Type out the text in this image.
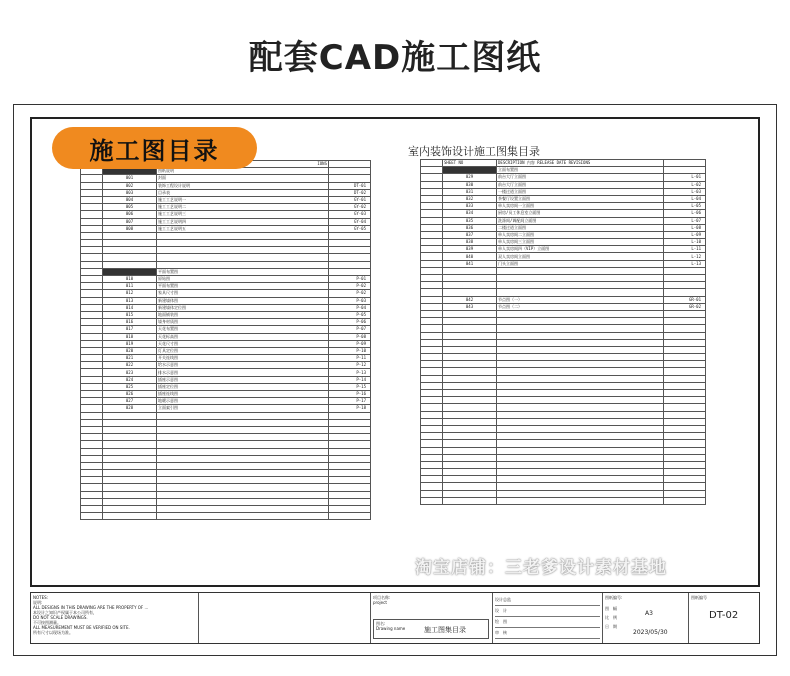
配套CAD施工图纸
室内装饰设计施工图集目录
		IONS	
		图纸说明	
	001	封面	
	002	装饰工程设计说明	DT-01
	003	目录表	DT-02
	004	施工工艺说明一	GY-01
	005	施工工艺说明二	GY-02
	006	施工工艺说明三	GY-03
	007	施工工艺说明四	GY-04
	008	施工工艺说明五	GY-05

		平面布置图	
	010	原始图	P-01
	011	平面布置图	P-02
	012	家具尺寸图	P-02
	013	新建墙体图	P-03
	014	新建墙体定位图	P-04
	015	地面铺装图	P-05
	016	墙身材质图	P-06
	017	天花布置图	P-07
	018	天花标高图	P-08
	019	天花尺寸图	P-09
	020	灯具定位图	P-10
	021	开关连线图	P-11
	022	给水示意图	P-12
	023	排水示意图	P-13
	024	插座示意图	P-14
	025	插座定位图	P-15
	026	插座连线图	P-16
	027	地暖示意图	P-17
	028	立面索引图	P-18

	SHEET NO	DESCRIPTION 内容 RELEASE DATE REVISIONS	
		立面布置图	
	029	前台大厅立面图	L-01
	030	前台大厅立面图	L-02
	031	一楼过道立面图	L-03
	032	茶餐厅设置立面图	L-04
	033	单人卖房间一立面图	L-05
	034	厨房/员工休息室立面图	L-06
	035	洗涤间/调配间立面图	L-07
	036	二楼过道立面图	L-08
	037	单人卖房间二立面图	L-09
	038	单人卖房间三立面图	L-10
	039	单人卖房间四（VIP）立面图	L-11
	040	双人卖房间立面图	L-12
	041	门头立面图	L-13

	042	节点图（一）	GR-01
	043	节点图（二）	GR-02

施工图目录
NOTES:
说明:
ALL DESIGNS IN THIS DRAWING ARE THE PROPERTY OF ...
本设计之知识产权属于本公司所有，
DO NOT SCALE DRAWINGS.
不可按图测量。
ALL MEASUREMENT MUST BE VERIFIED ON SITE.
所有尺寸以现场为准。
项目名称:
project
图名:
Drawing name	施工图集目录
设计总监
设　计
绘　图
审　核
图纸编号:
图　幅
A3
比　例
日　期
2023/05/30
图纸编号
DT-02
淘宝店铺：三老爹设计素材基地
